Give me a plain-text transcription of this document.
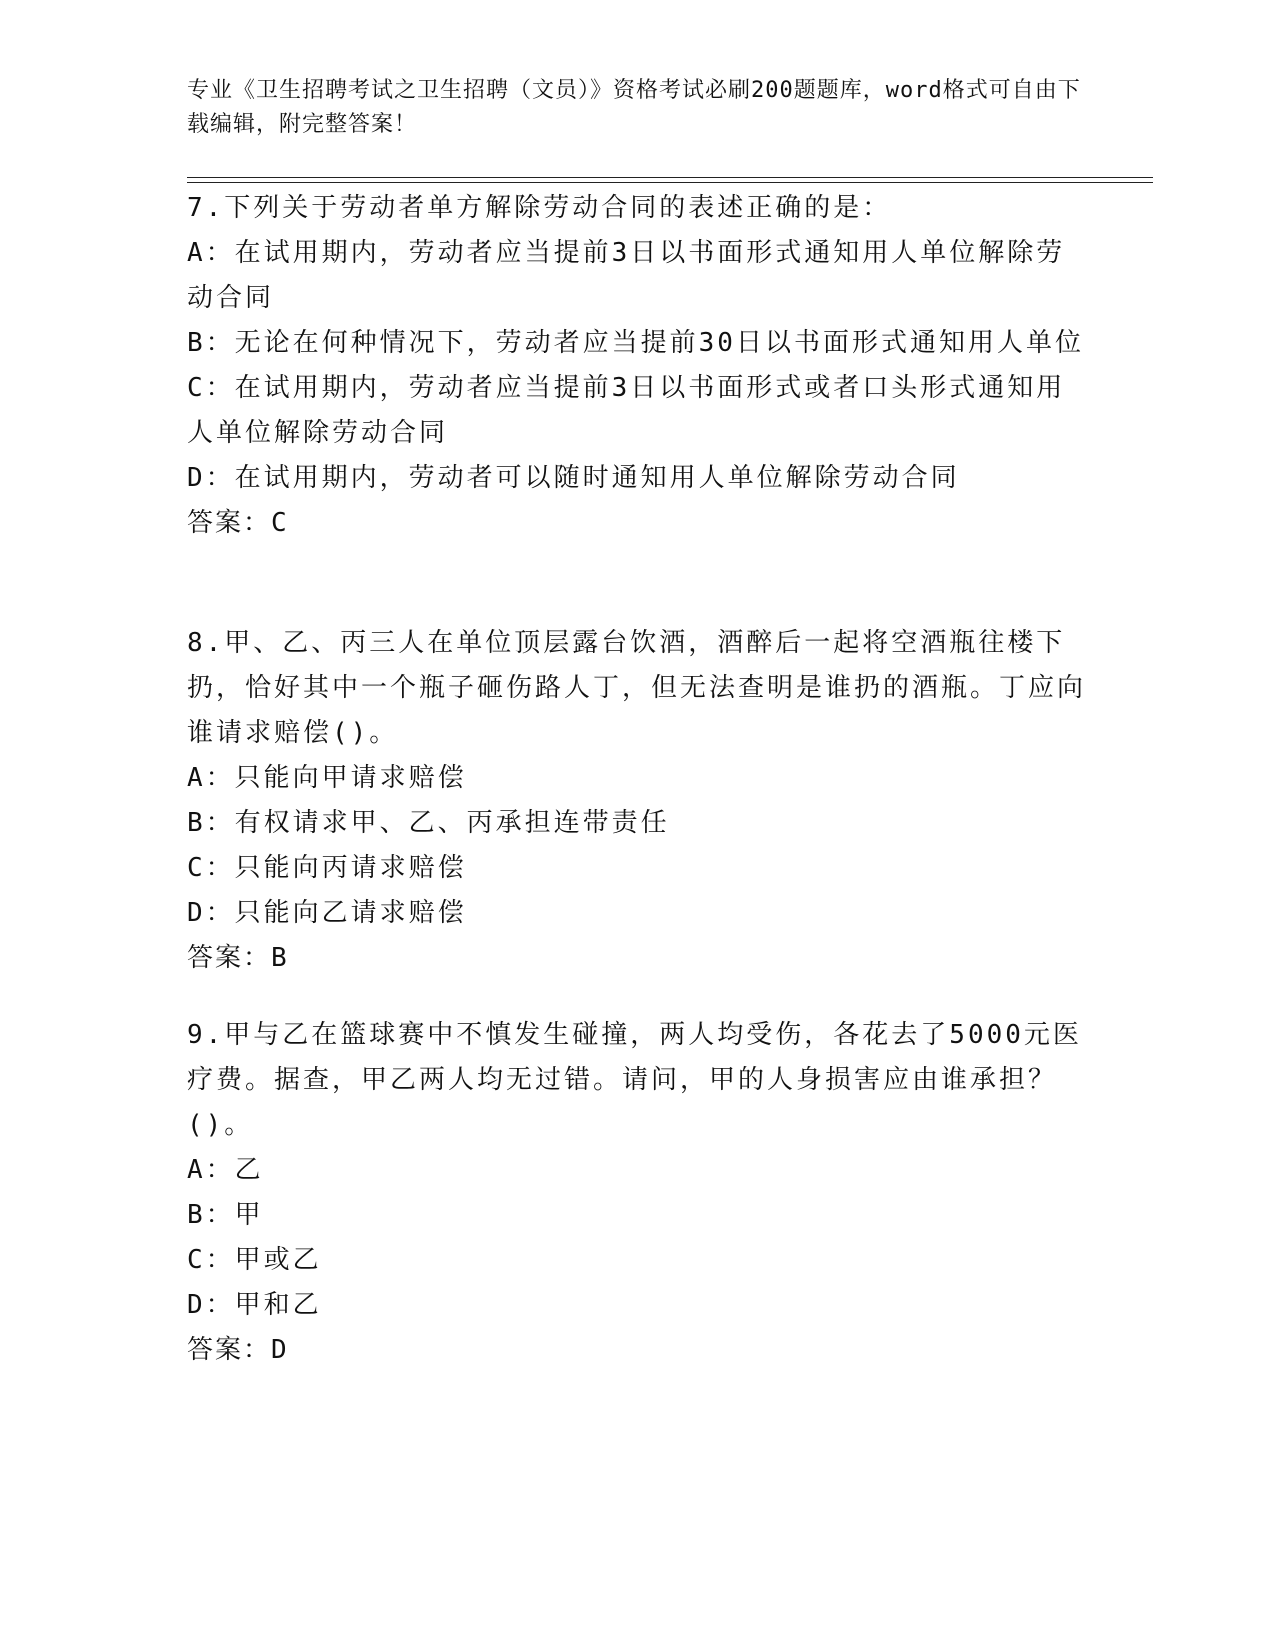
专业《卫生招聘考试之卫生招聘（文员）》资格考试必刷200题题库，word格式可自由下载编辑，附完整答案！
7.下列关于劳动者单方解除劳动合同的表述正确的是：
A：在试用期内，劳动者应当提前3日以书面形式通知用人单位解除劳动合同
B：无论在何种情况下，劳动者应当提前30日以书面形式通知用人单位
C：在试用期内，劳动者应当提前3日以书面形式或者口头形式通知用人单位解除劳动合同
D：在试用期内，劳动者可以随时通知用人单位解除劳动合同
答案：C
8.甲、乙、丙三人在单位顶层露台饮酒，酒醉后一起将空酒瓶往楼下扔，恰好其中一个瓶子砸伤路人丁，但无法查明是谁扔的酒瓶。丁应向谁请求赔偿()。
A：只能向甲请求赔偿
B：有权请求甲、乙、丙承担连带责任
C：只能向丙请求赔偿
D：只能向乙请求赔偿
答案：B
9.甲与乙在篮球赛中不慎发生碰撞，两人均受伤，各花去了5000元医疗费。据查，甲乙两人均无过错。请问，甲的人身损害应由谁承担？()。
A：乙
B：甲
C：甲或乙
D：甲和乙
答案：D
